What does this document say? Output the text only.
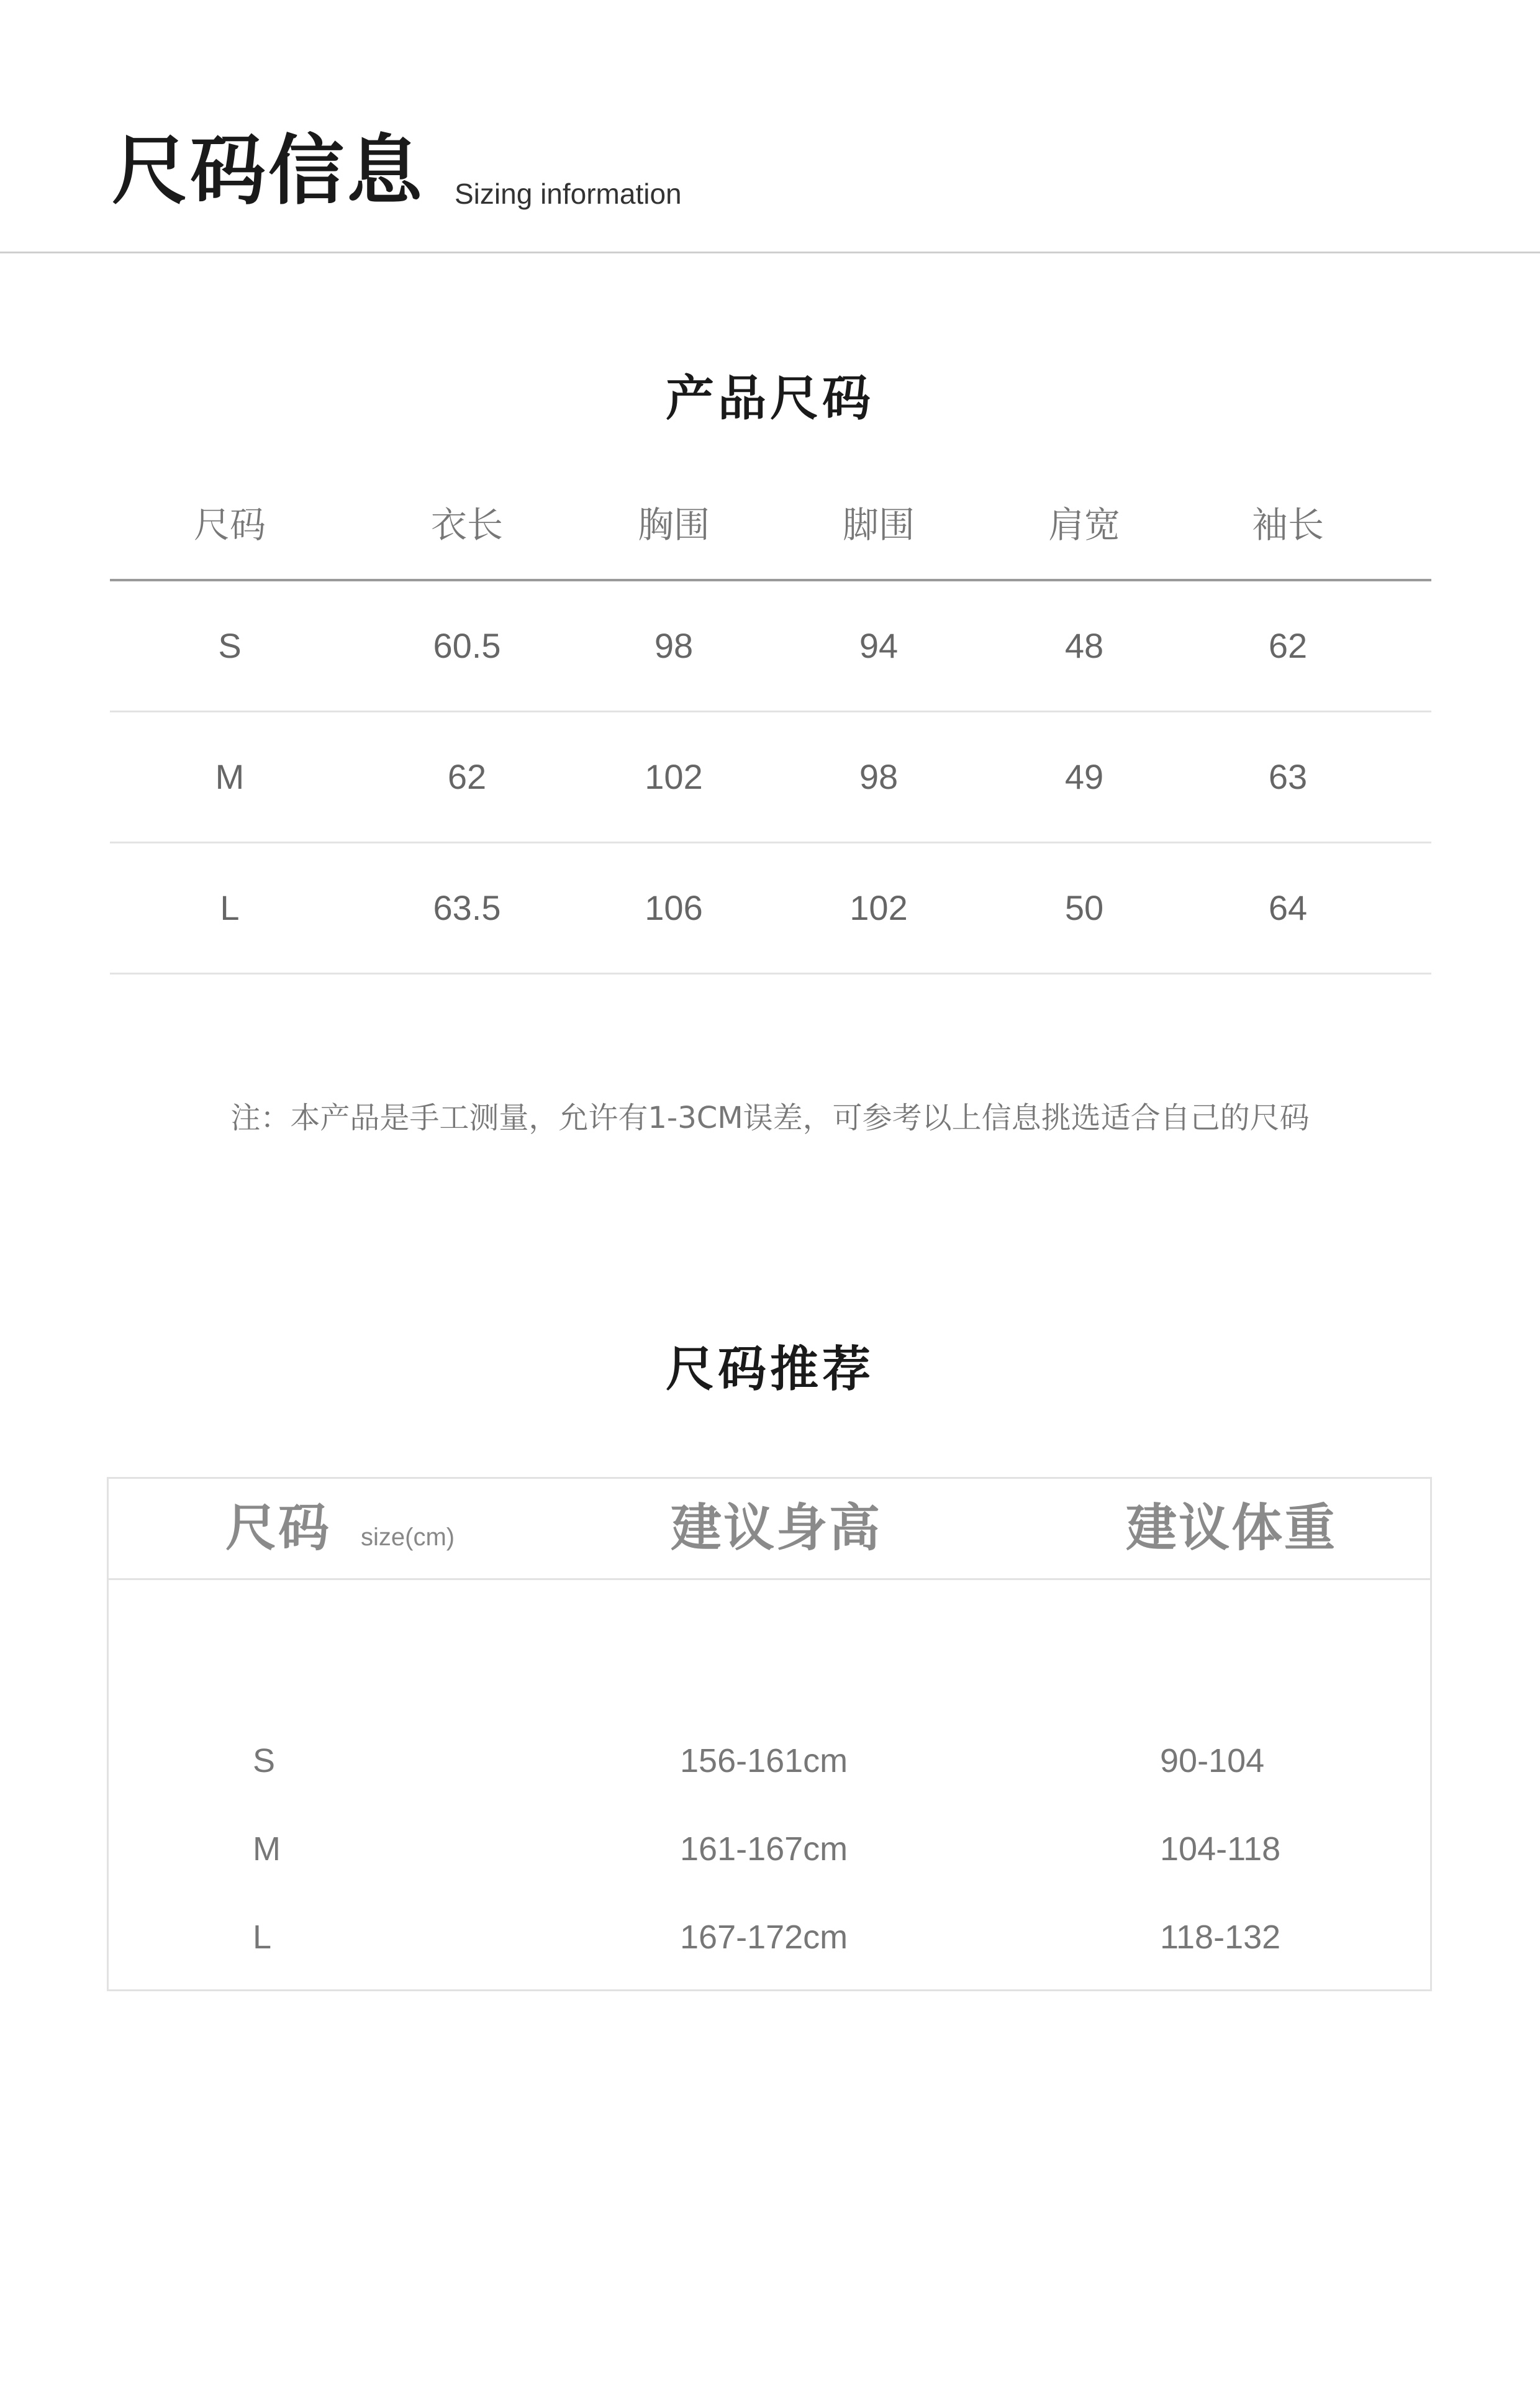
尺码信息 Sizing information
产品尺码
尺码	衣长	胸围	脚围	肩宽	袖长
S	60.5	98	94	48	62
M	62	102	98	49	63
L	63.5	106	102	50	64
注：本产品是手工测量，允许有1-3CM误差，可参考以上信息挑选适合自己的尺码
尺码推荐
尺码 size(cm)	建议身高	建议体重
S	156-161cm	90-104
M	161-167cm	104-118
L	167-172cm	118-132
